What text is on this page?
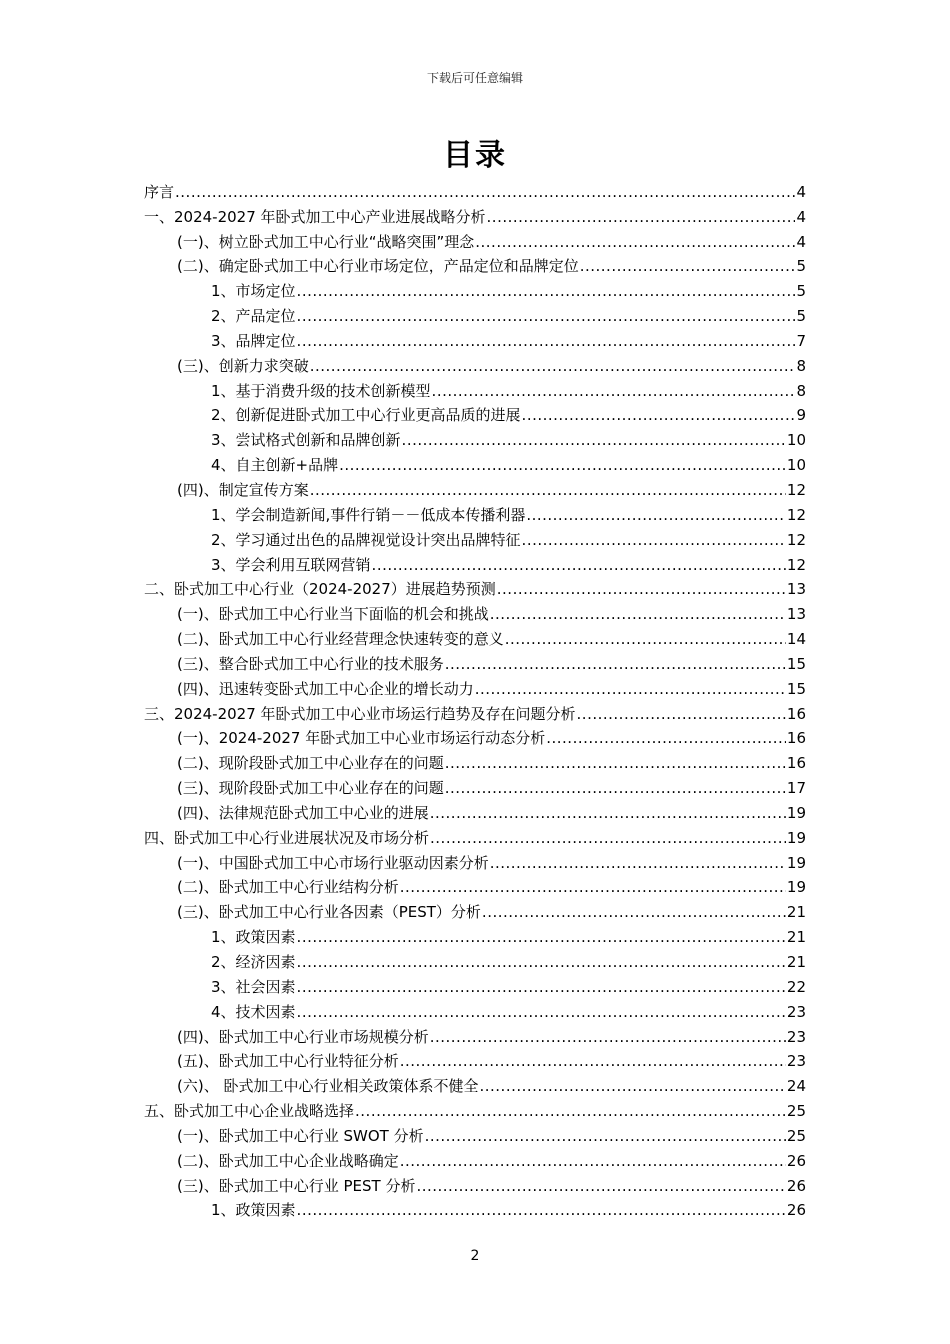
下载后可任意编辑
目录
序言 .....	4
一、2024-2027 年卧式加工中心产业进展战略分析 .....	4
(一)、树立卧式加工中心行业“战略突围”理念 .....	4
(二)、确定卧式加工中心行业市场定位，产品定位和品牌定位 .....	5
1、市场定位 .....	5
2、产品定位 .....	5
3、品牌定位 .....	7
(三)、创新力求突破 .....	8
1、基于消费升级的技术创新模型 .....	8
2、创新促进卧式加工中心行业更高品质的进展 .....	9
3、尝试格式创新和品牌创新 .....	10
4、自主创新+品牌 .....	10
(四)、制定宣传方案 .....	12
1、学会制造新闻,事件行销－－低成本传播利器 .....	12
2、学习通过出色的品牌视觉设计突出品牌特征 .....	12
3、学会利用互联网营销 .....	12
二、卧式加工中心行业（2024-2027）进展趋势预测 .....	13
(一)、卧式加工中心行业当下面临的机会和挑战 .....	13
(二)、卧式加工中心行业经营理念快速转变的意义 .....	14
(三)、整合卧式加工中心行业的技术服务 .....	15
(四)、迅速转变卧式加工中心企业的增长动力 .....	15
三、2024-2027 年卧式加工中心业市场运行趋势及存在问题分析 .....	16
(一)、2024-2027 年卧式加工中心业市场运行动态分析 .....	16
(二)、现阶段卧式加工中心业存在的问题 .....	16
(三)、现阶段卧式加工中心业存在的问题 .....	17
(四)、法律规范卧式加工中心业的进展 .....	19
四、卧式加工中心行业进展状况及市场分析 .....	19
(一)、中国卧式加工中心市场行业驱动因素分析 .....	19
(二)、卧式加工中心行业结构分析 .....	19
(三)、卧式加工中心行业各因素（PEST）分析 .....	21
1、政策因素 .....	21
2、经济因素 .....	21
3、社会因素 .....	22
4、技术因素 .....	23
(四)、卧式加工中心行业市场规模分析 .....	23
(五)、卧式加工中心行业特征分析 .....	23
(六)、 卧式加工中心行业相关政策体系不健全 .....	24
五、卧式加工中心企业战略选择 .....	25
(一)、卧式加工中心行业 SWOT 分析 .....	25
(二)、卧式加工中心企业战略确定 .....	26
(三)、卧式加工中心行业 PEST 分析 .....	26
1、政策因素 .....	26
2
